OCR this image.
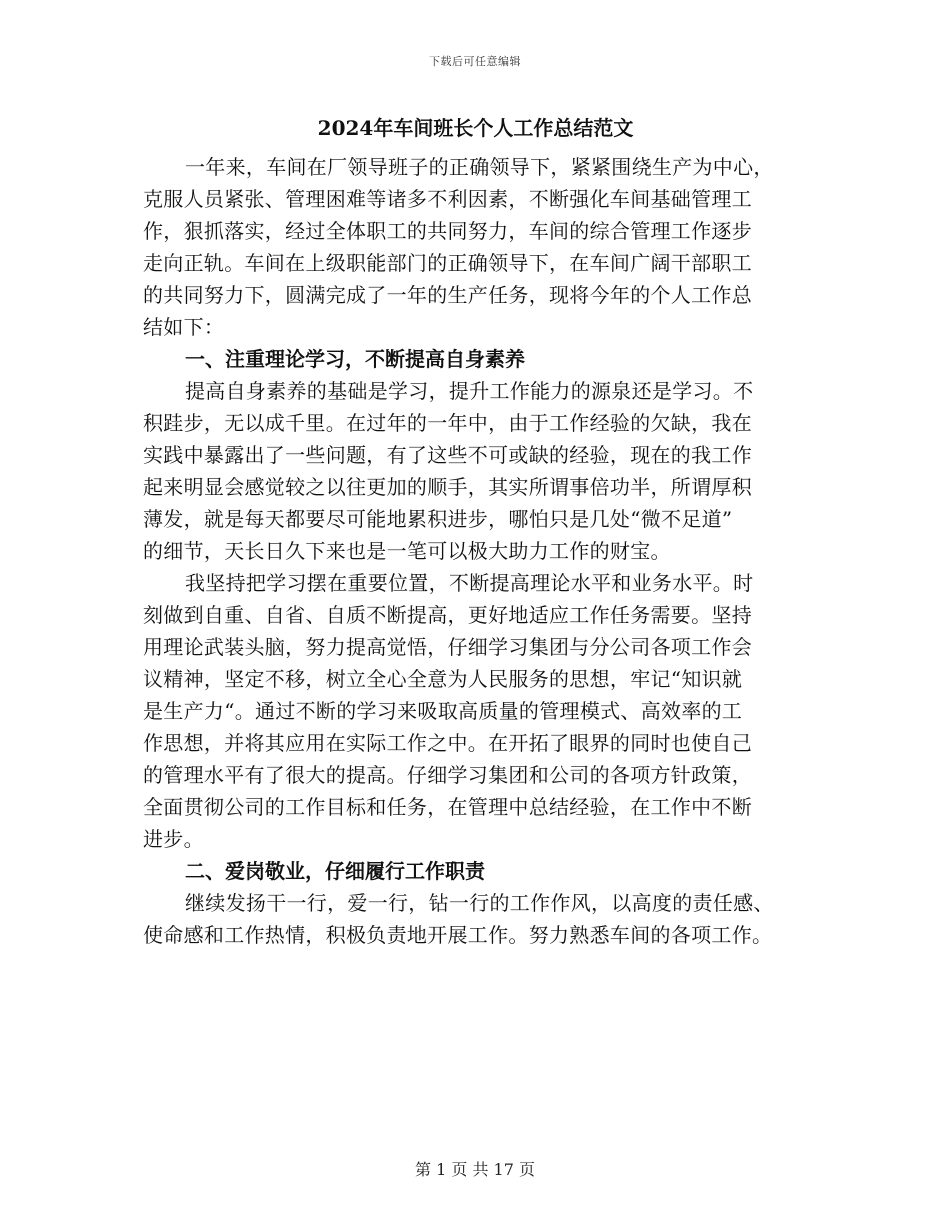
下载后可任意编辑
2024年车间班长个人工作总结范文

一年来，车间在厂领导班子的正确领导下，紧紧围绕生产为中心，
克服人员紧张、管理困难等诸多不利因素，不断强化车间基础管理工
作，狠抓落实，经过全体职工的共同努力，车间的综合管理工作逐步
走向正轨。车间在上级职能部门的正确领导下，在车间广阔干部职工
的共同努力下，圆满完成了一年的生产任务，现将今年的个人工作总
结如下：

一、注重理论学习，不断提高自身素养

提高自身素养的基础是学习，提升工作能力的源泉还是学习。不
积跬步，无以成千里。在过年的一年中，由于工作经验的欠缺，我在
实践中暴露出了一些问题，有了这些不可或缺的经验，现在的我工作
起来明显会感觉较之以往更加的顺手，其实所谓事倍功半，所谓厚积
薄发，就是每天都要尽可能地累积进步，哪怕只是几处“微不足道”
的细节，天长日久下来也是一笔可以极大助力工作的财宝。

我坚持把学习摆在重要位置，不断提高理论水平和业务水平。时
刻做到自重、自省、自质不断提高，更好地适应工作任务需要。坚持
用理论武装头脑，努力提高觉悟，仔细学习集团与分公司各项工作会
议精神，坚定不移，树立全心全意为人民服务的思想，牢记“知识就
是生产力“。通过不断的学习来吸取高质量的管理模式、高效率的工
作思想，并将其应用在实际工作之中。在开拓了眼界的同时也使自己
的管理水平有了很大的提高。仔细学习集团和公司的各项方针政策，
全面贯彻公司的工作目标和任务，在管理中总结经验，在工作中不断
进步。

二、爱岗敬业，仔细履行工作职责

继续发扬干一行，爱一行，钻一行的工作作风，以高度的责任感、
使命感和工作热情，积极负责地开展工作。努力熟悉车间的各项工作。

第 1 页 共 17 页
